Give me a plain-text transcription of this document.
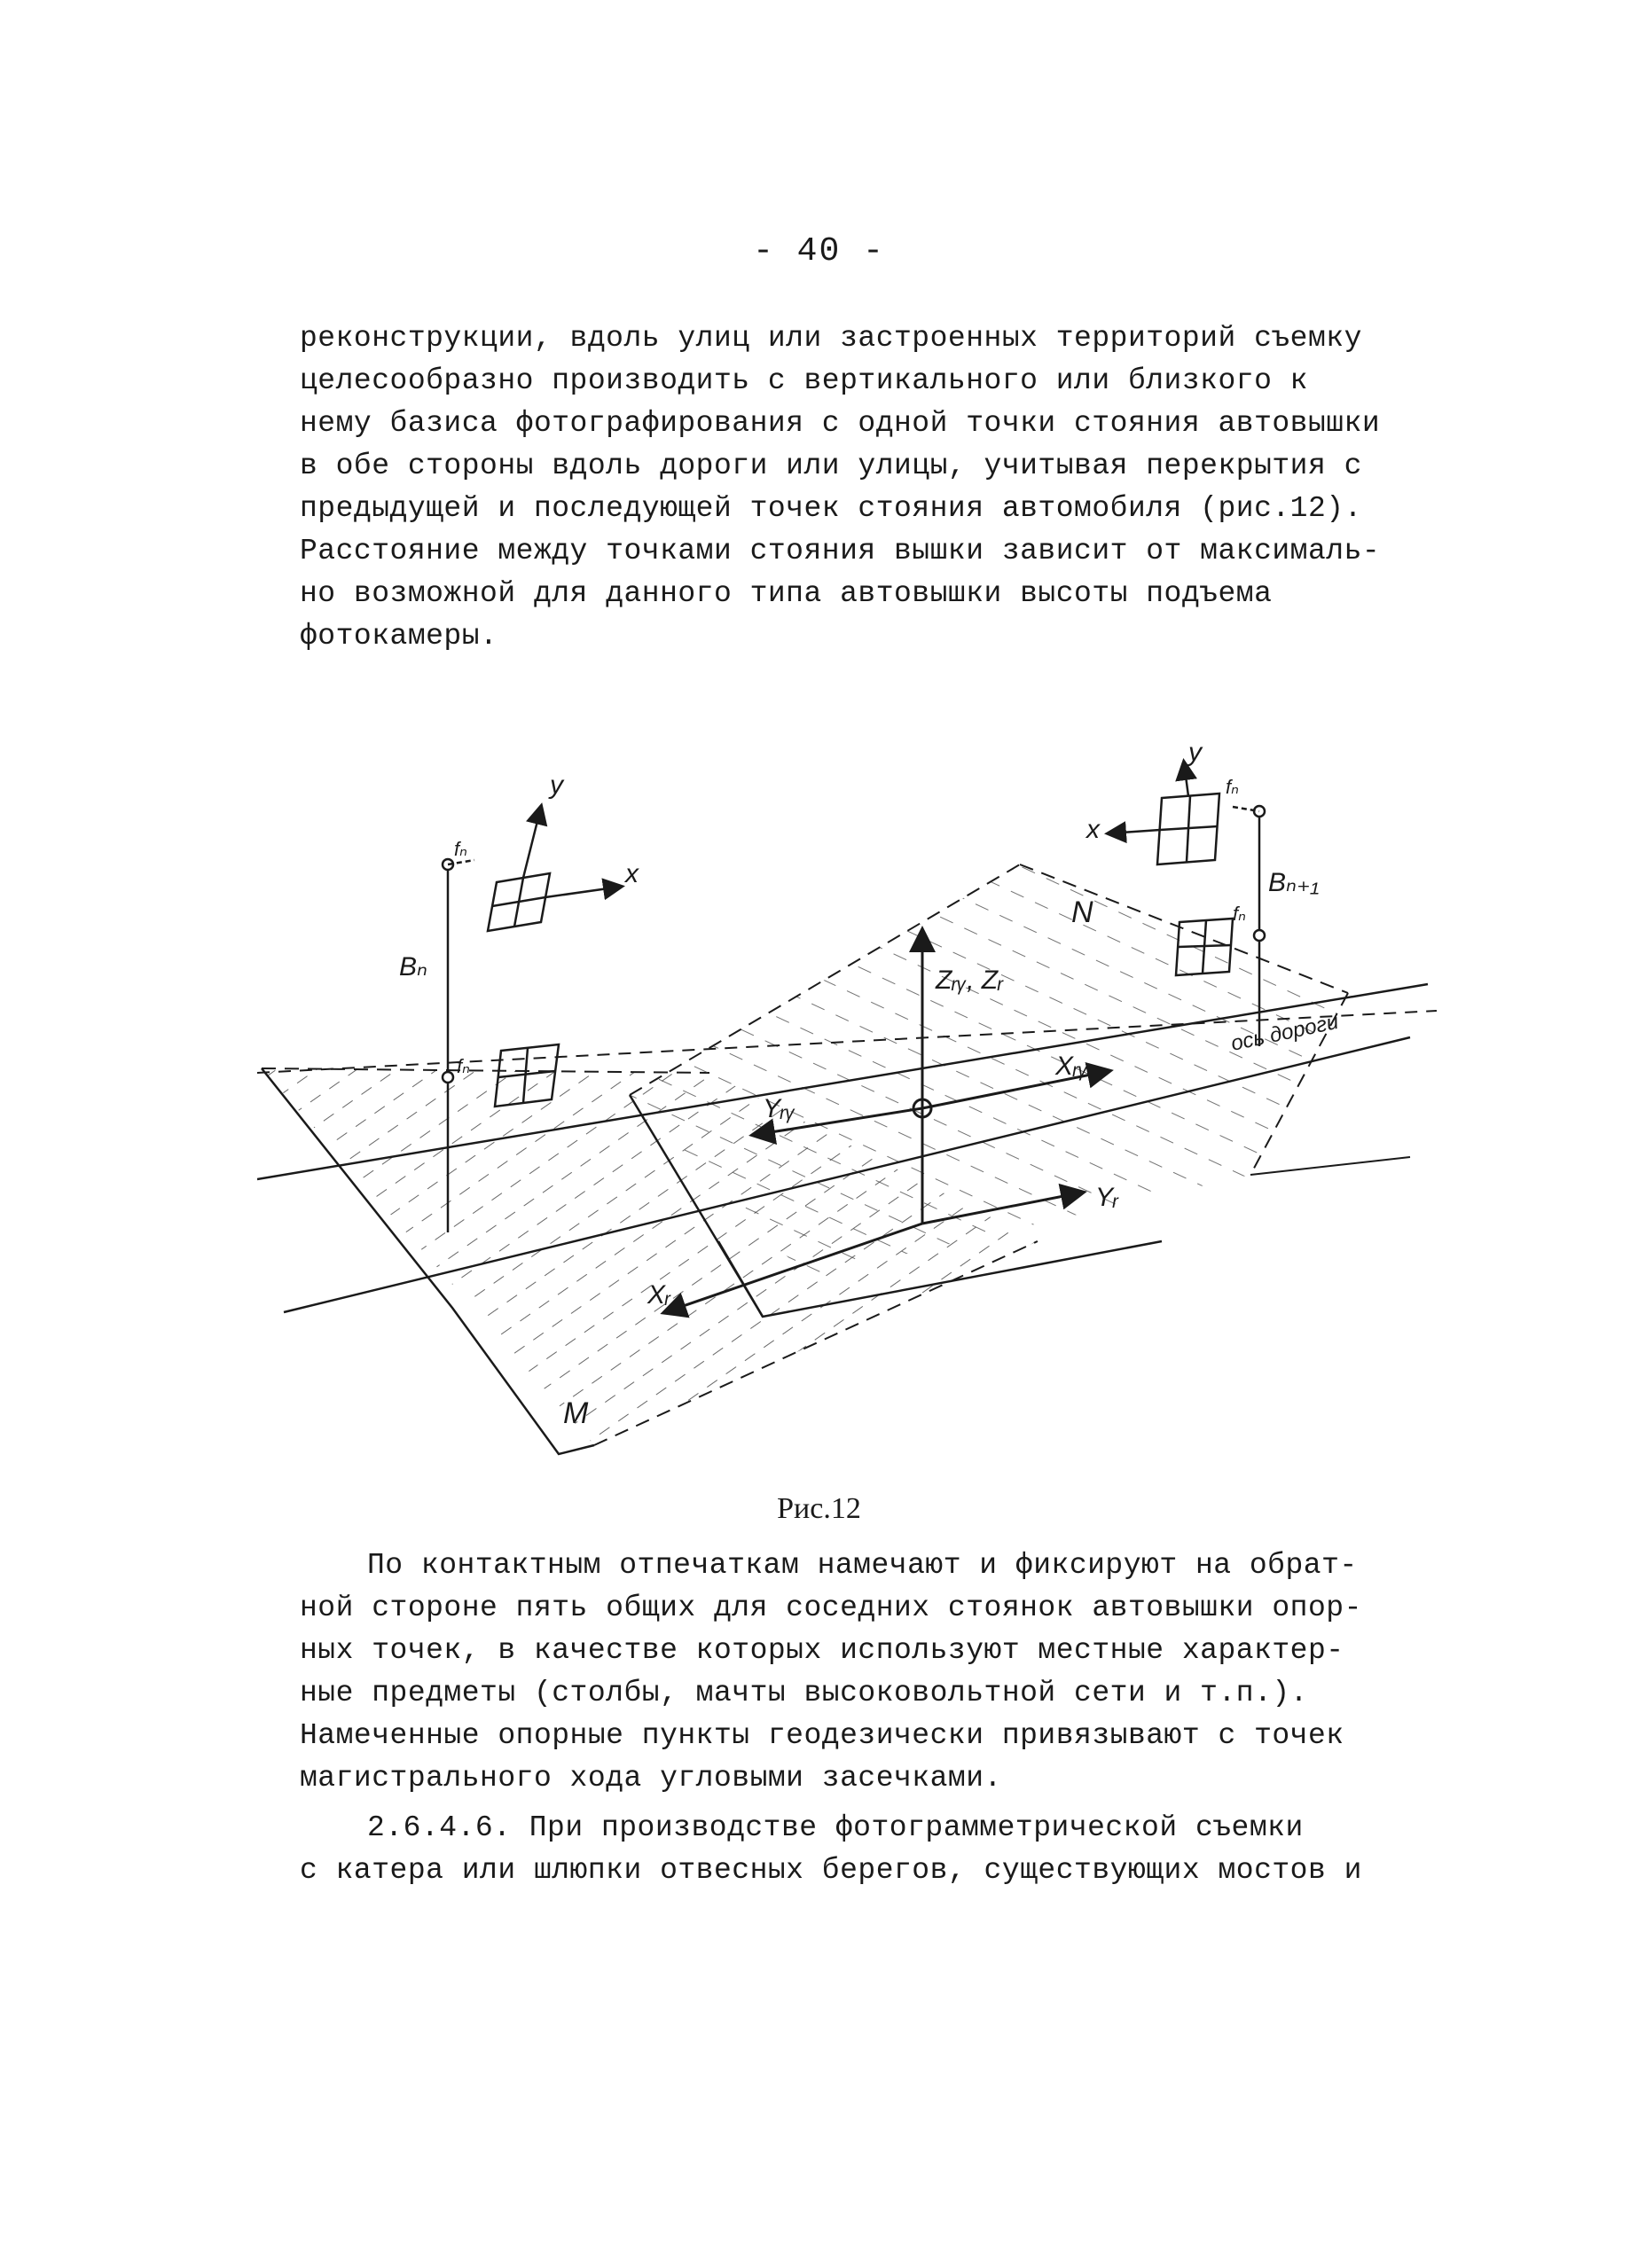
- 40 -
реконструкции, вдоль улиц или застроенных территорий съемку
целесообразно производить с вертикального или близкого к
нему базиса фотографирования с одной точки стояния автовышки
в обе стороны вдоль дороги или улицы, учитывая перекрытия с
предыдущей и последующей точек стояния автомобиля (рис.12).
Расстояние между точками стояния вышки зависит от максималь-
но возможной для данного типа автовышки высоты подъема
фотокамеры.
y
x
fₙ
fₙ
Bₙ
y
x
fₙ
fₙ
Bₙ₊₁
N
M
Zᵣᵧ, Zᵣ
Xᵣᵧ
Yᵣᵧ
Xᵣ
Yᵣ
ось дороги
Рис.12
По контактным отпечаткам намечают и фиксируют на обрат-
ной стороне пять общих для соседних стоянок автовышки опор-
ных точек, в качестве которых используют местные характер-
ные предметы (столбы, мачты высоковольтной сети и т.п.).
Намеченные опорные пункты геодезически привязывают с точек
магистрального хода угловыми засечками.
2.6.4.6. При производстве фотограмметрической съемки
с катера или шлюпки отвесных берегов, существующих мостов и
